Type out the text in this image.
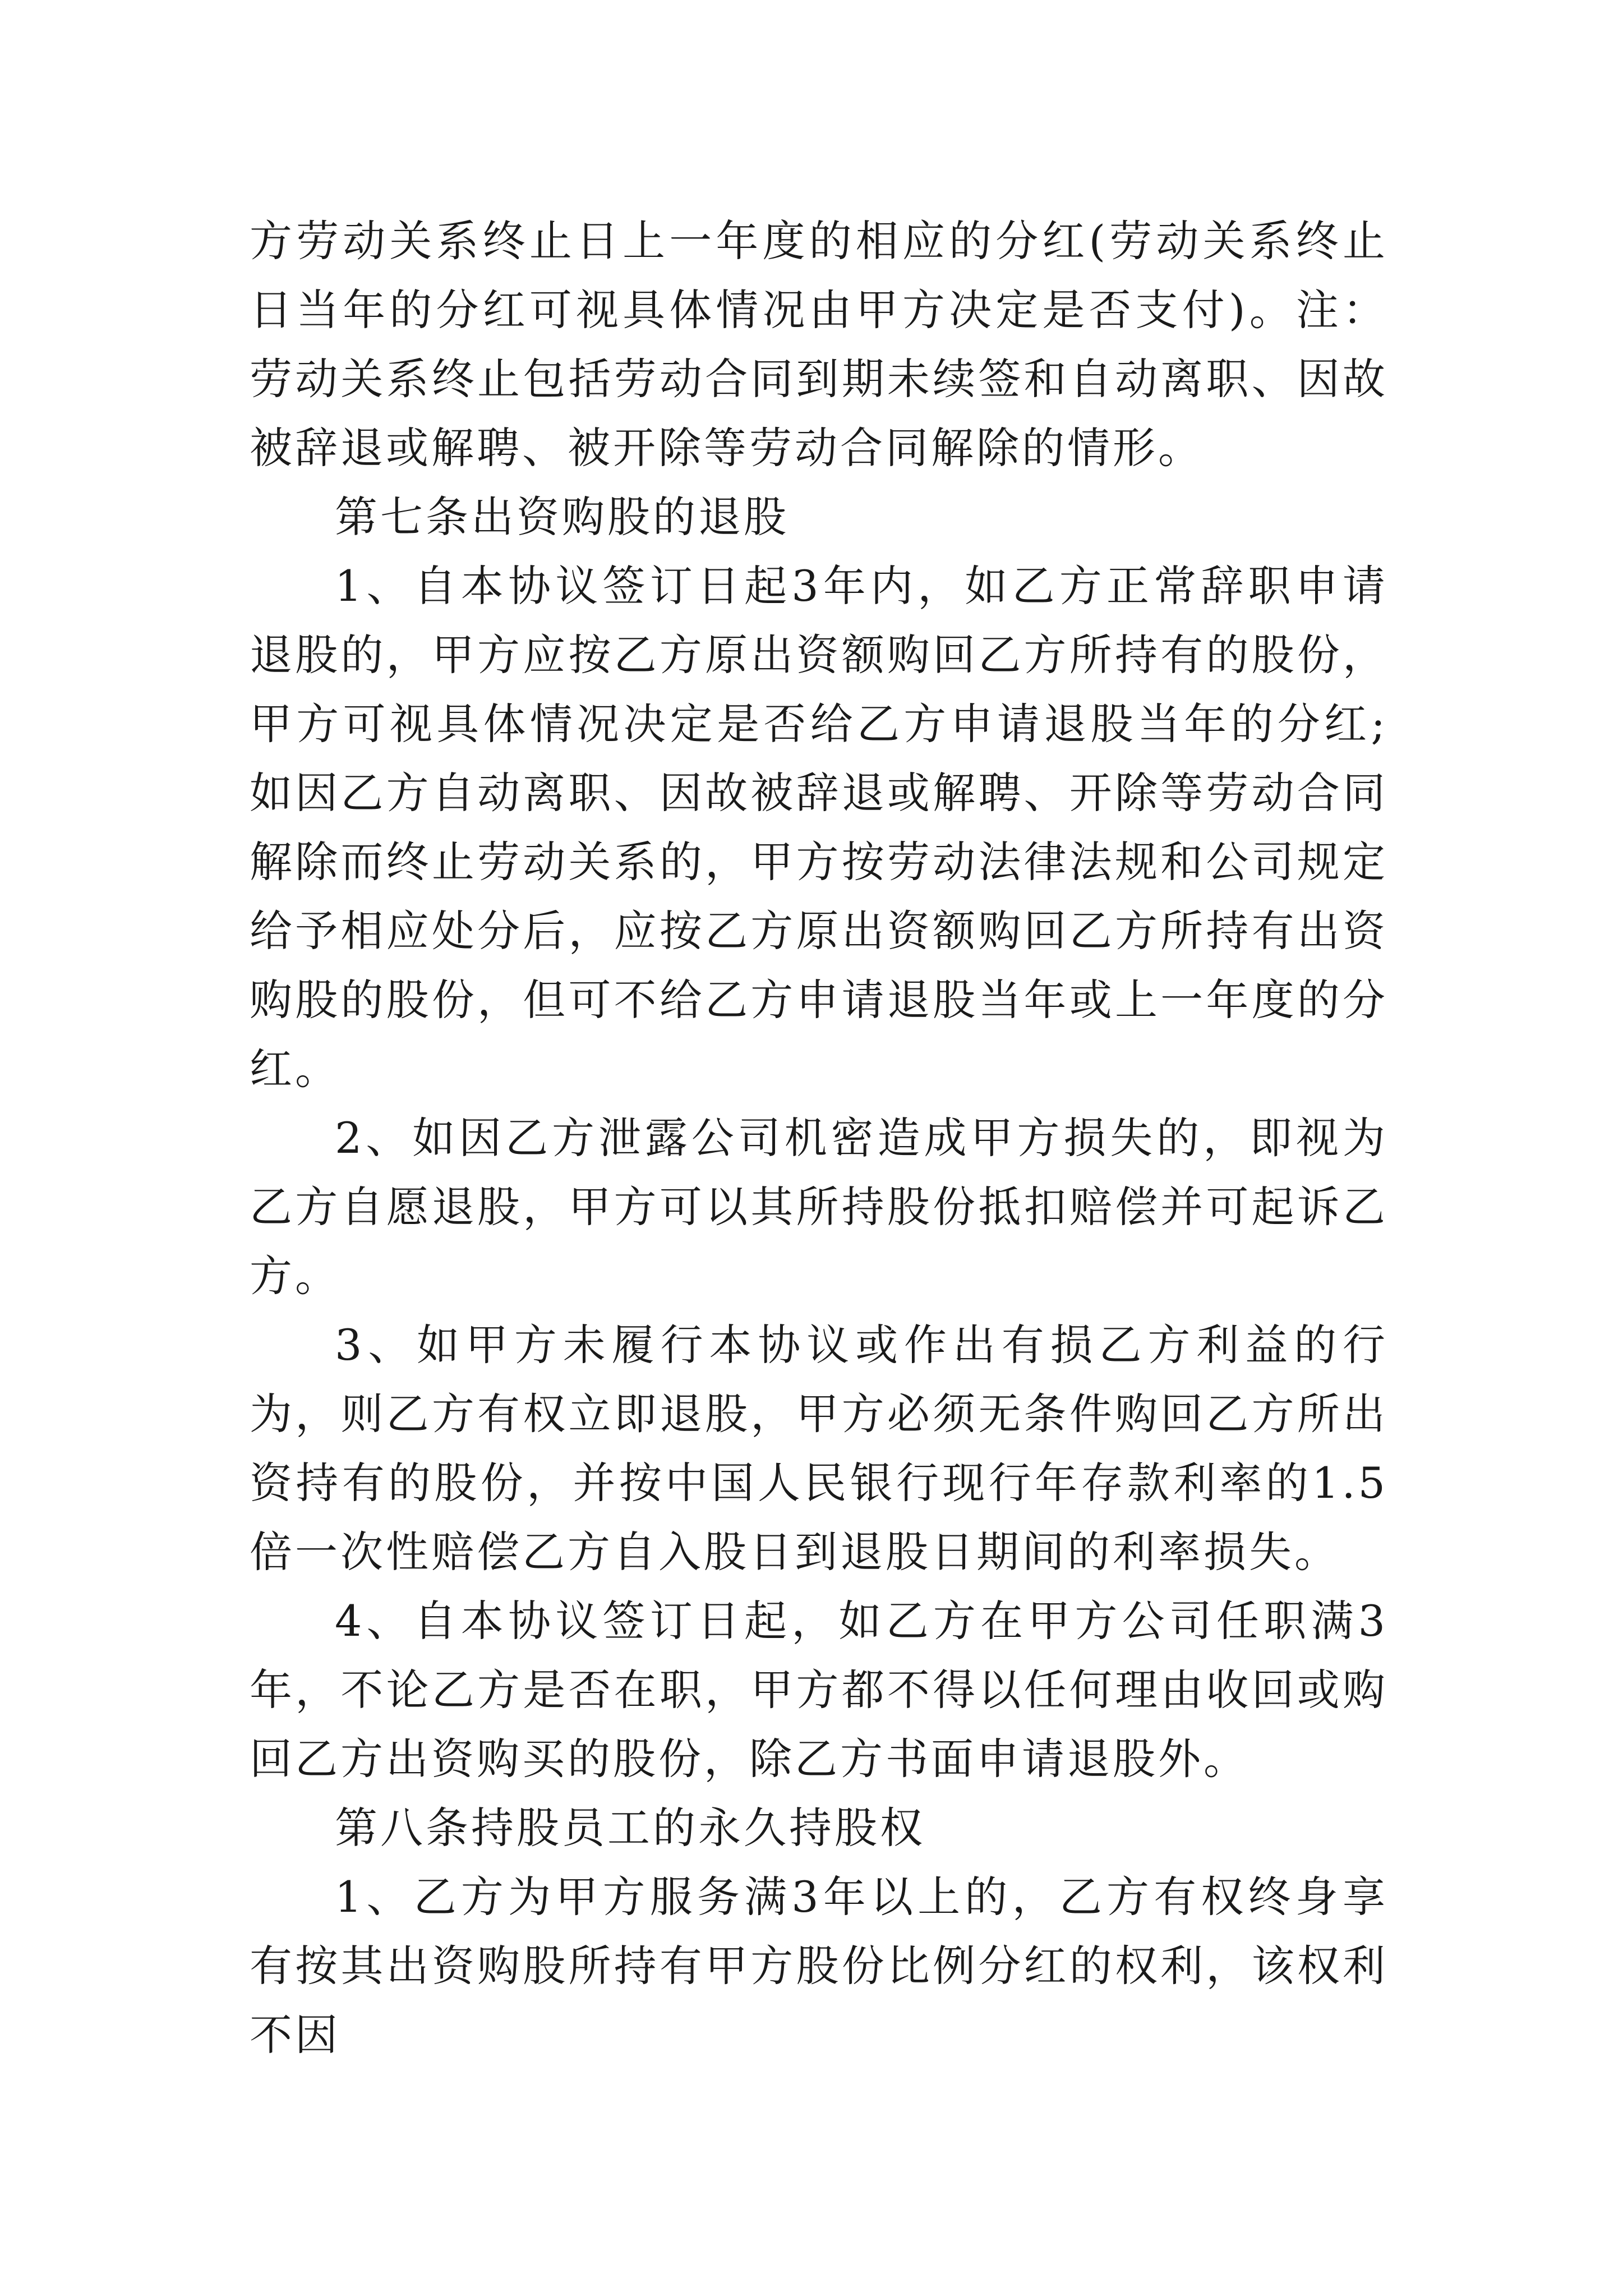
方劳动关系终止日上一年度的相应的分红(劳动关系终止日当年的分红可视具体情况由甲方决定是否支付)。注：劳动关系终止包括劳动合同到期未续签和自动离职、因故被辞退或解聘、被开除等劳动合同解除的情形。

第七条出资购股的退股

1、自本协议签订日起3年内，如乙方正常辞职申请退股的，甲方应按乙方原出资额购回乙方所持有的股份，甲方可视具体情况决定是否给乙方申请退股当年的分红;如因乙方自动离职、因故被辞退或解聘、开除等劳动合同解除而终止劳动关系的，甲方按劳动法律法规和公司规定给予相应处分后，应按乙方原出资额购回乙方所持有出资购股的股份，但可不给乙方申请退股当年或上一年度的分红。

2、如因乙方泄露公司机密造成甲方损失的，即视为乙方自愿退股，甲方可以其所持股份抵扣赔偿并可起诉乙方。

3、如甲方未履行本协议或作出有损乙方利益的行为，则乙方有权立即退股，甲方必须无条件购回乙方所出资持有的股份，并按中国人民银行现行年存款利率的1.5倍一次性赔偿乙方自入股日到退股日期间的利率损失。

4、自本协议签订日起，如乙方在甲方公司任职满3年，不论乙方是否在职，甲方都不得以任何理由收回或购回乙方出资购买的股份，除乙方书面申请退股外。

第八条持股员工的永久持股权

1、乙方为甲方服务满3年以上的，乙方有权终身享有按其出资购股所持有甲方股份比例分红的权利，该权利不因
